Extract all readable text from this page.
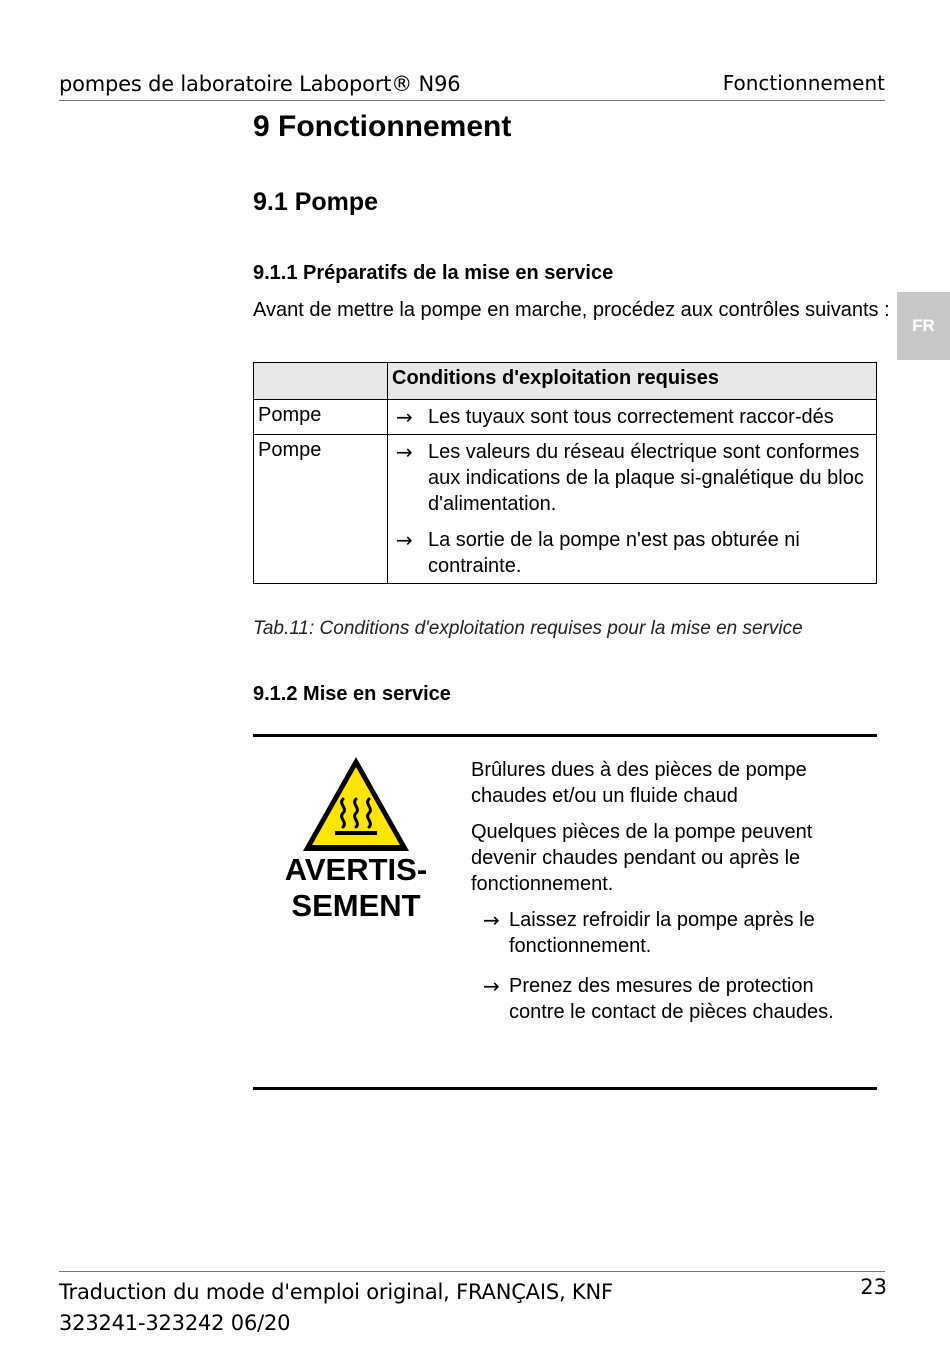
pompes de laboratoire Laboport® N96	Fonctionnement
FR
9 Fonctionnement
9.1 Pompe
9.1.1 Préparatifs de la mise en service

Avant de mettre la pompe en marche, procédez aux contrôles suivants :

	Conditions d'exploitation requises
Pompe	→ Les tuyaux sont tous correctement raccor-dés

Pompe	→ Les valeurs du réseau électrique sont conformes aux indications de la plaque si-gnalétique du bloc d'alimentation.
→ La sortie de la pompe n'est pas obturée ni contrainte.
Tab.11: Conditions d'exploitation requises pour la mise en service
9.1.2 Mise en service
AVERTIS-
SEMENT

Brûlures dues à des pièces de pompe chaudes et/ou un fluide chaud

Quelques pièces de la pompe peuvent devenir chaudes pendant ou après le fonctionnement.

→ Laissez refroidir la pompe après le fonctionnement.
→ Prenez des mesures de protection contre le contact de pièces chaudes.
Traduction du mode d'emploi original, FRANÇAIS, KNF
323241-323242 06/20
23
